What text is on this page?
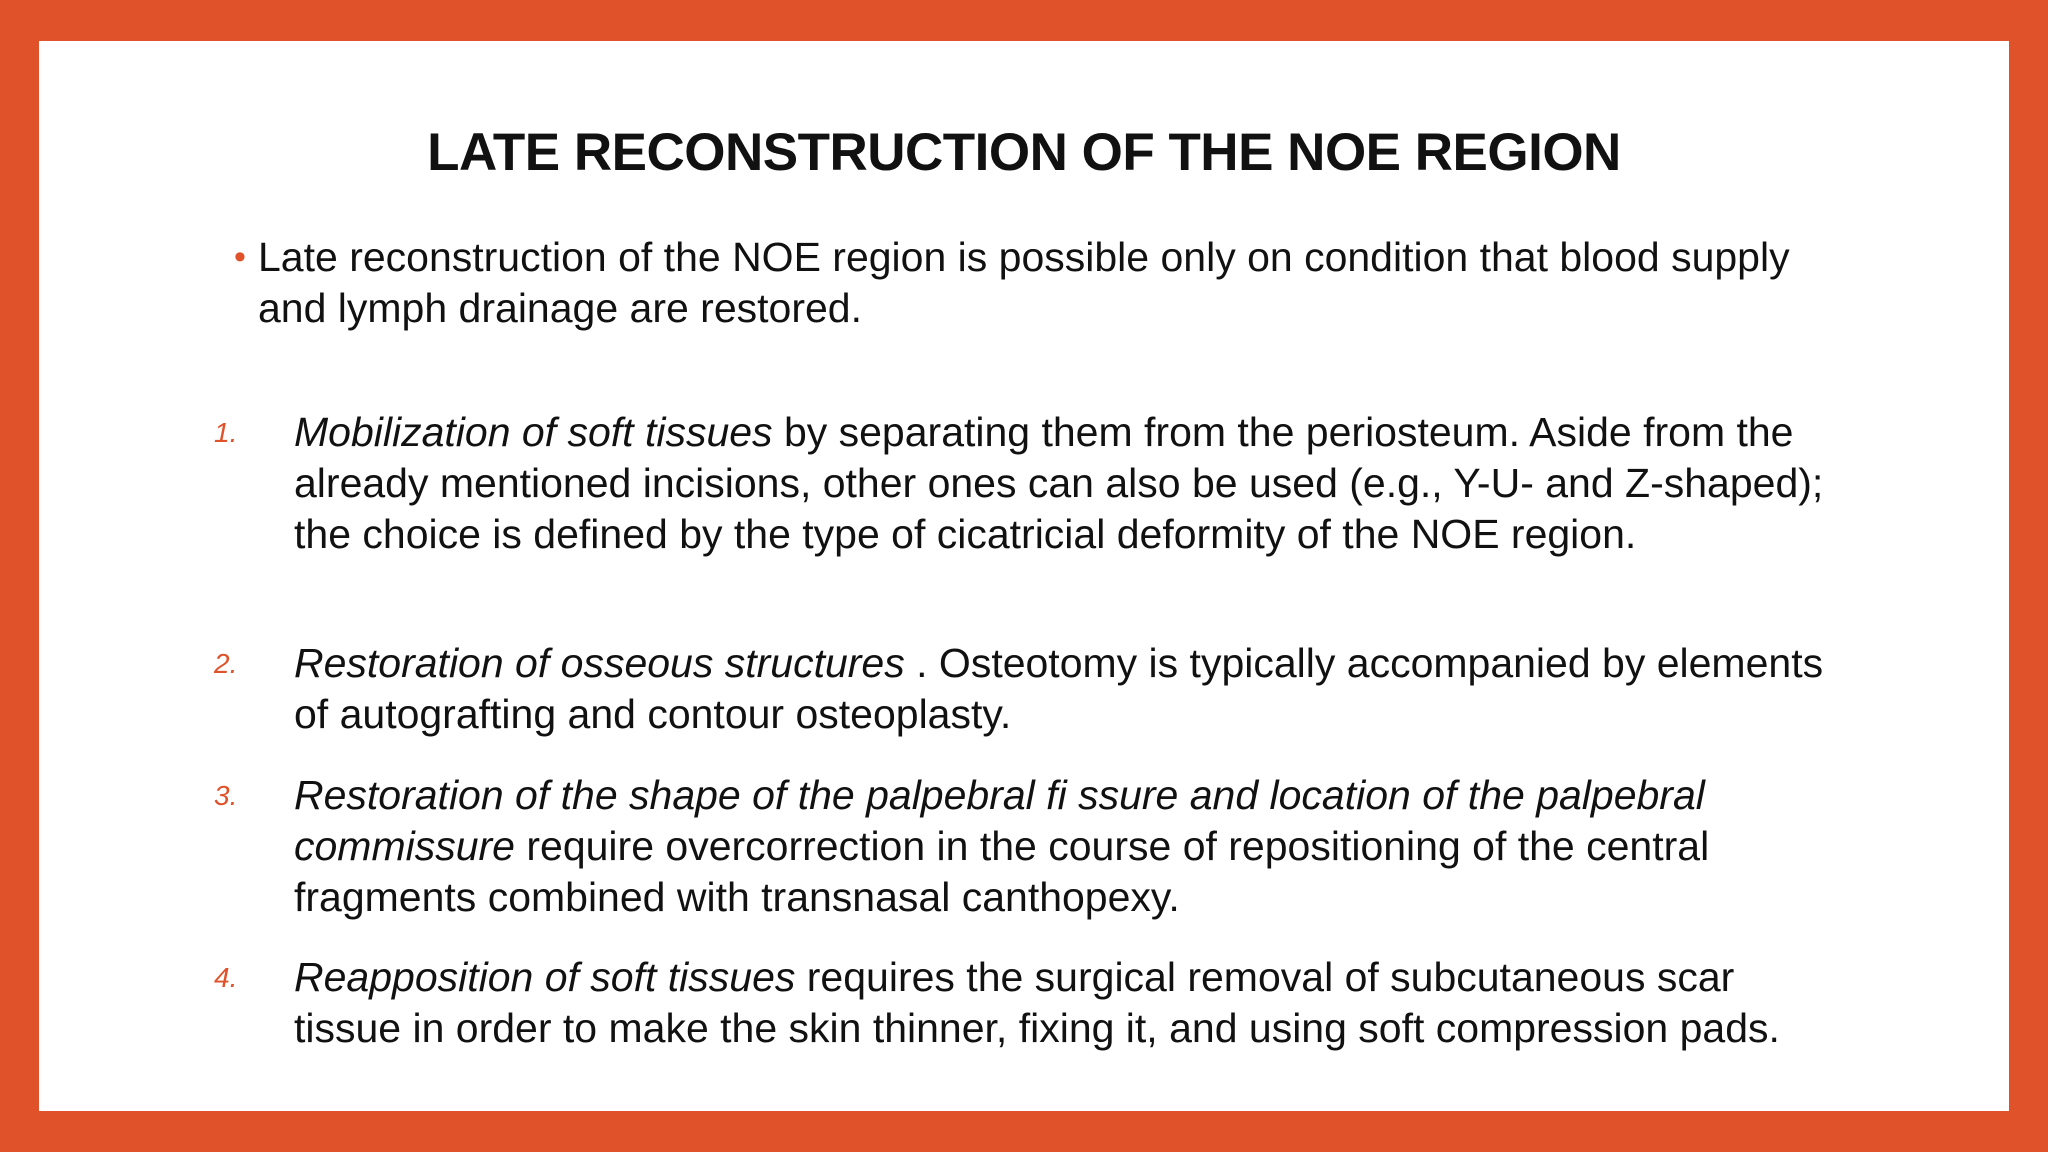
LATE RECONSTRUCTION OF THE NOE REGION
• Late reconstruction of the NOE region is possible only on condition that blood supply and lymph drainage are restored.
1. Mobilization of soft tissues by separating them from the periosteum. Aside from the already mentioned incisions, other ones can also be used (e.g., Y-U- and Z-shaped); the choice is defined by the type of cicatricial deformity of the NOE region.
2. Restoration of osseous structures . Osteotomy is typically accompanied by elements of autografting and contour osteoplasty.
3. Restoration of the shape of the palpebral fi ssure and location of the palpebral commissure require overcorrection in the course of repositioning of the central fragments combined with transnasal canthopexy.
4. Reapposition of soft tissues requires the surgical removal of subcutaneous scar tissue in order to make the skin thinner, fixing it, and using soft compression pads.
